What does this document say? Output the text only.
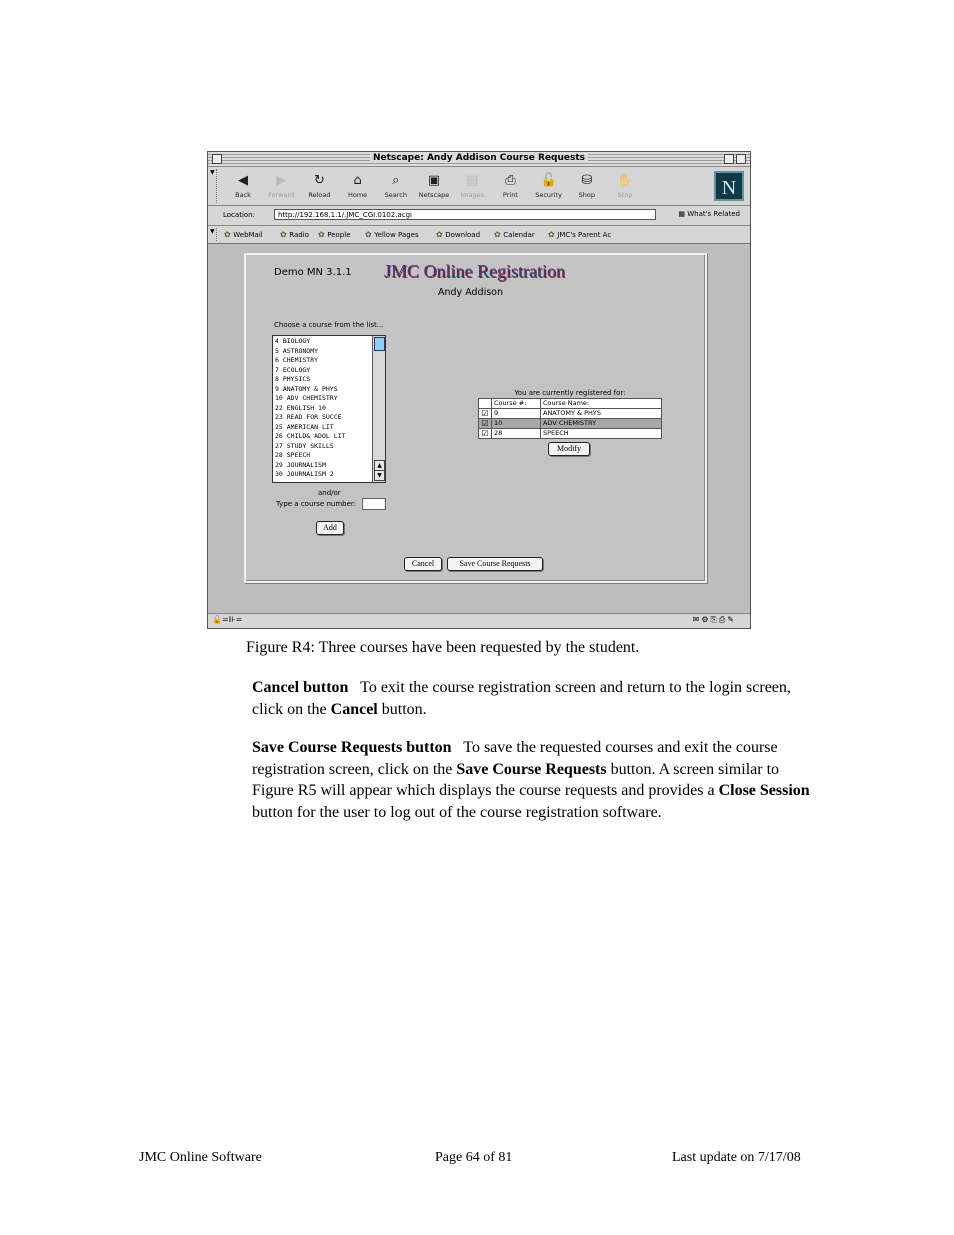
Netscape: Andy Addison Course Requests
▼
◀
Back
▶
Forward
↻
Reload
⌂
Home
⌕
Search
▣
Netscape
▤
Images
⎙
Print
🔓
Security
⛁
Shop
✋
Stop	N
Location:	http://192.168.1.1/.JMC_CGI.0102.acgi	▦ What's Related
▼ ✿ WebMail ✿ Radio ✿ People ✿ Yellow Pages ✿ Download ✿ Calendar ✿ JMC's Parent Ac
Demo MN 3.1.1 JMC Online Registration
Andy Addison
Choose a course from the list...
4 BIOLOGY
5 ASTRONOMY
6 CHEMISTRY
7 ECOLOGY
8 PHYSICS
9 ANATOMY & PHYS
10 ADV CHEMISTRY
22 ENGLISH 10
23 READ FOR SUCCE
25 AMERICAN LIT
26 CHILD& ADOL LIT
27 STUDY SKILLS
28 SPEECH
29 JOURNALISM
30 JOURNALISM 2
▲
▼
and/or
Type a course number:
Add
You are currently registered for:
	Course #:	Course Name:
☑	9	ANATOMY & PHYS
☑	10	ADV CHEMISTRY
☑	28	SPEECH
Modify
Cancel	Save Course Requests
🔓=⊪=	✉⚙⎘⎙✎
Figure R4: Three courses have been requested by the student.
Cancel button To exit the course registration screen and return to the login screen, click on the Cancel button.
Save Course Requests button To save the requested courses and exit the course registration screen, click on the Save Course Requests button. A screen similar to Figure R5 will appear which displays the course requests and provides a Close Session button for the user to log out of the course registration software.
JMC Online Software	Page 64 of 81	Last update on 7/17/08
